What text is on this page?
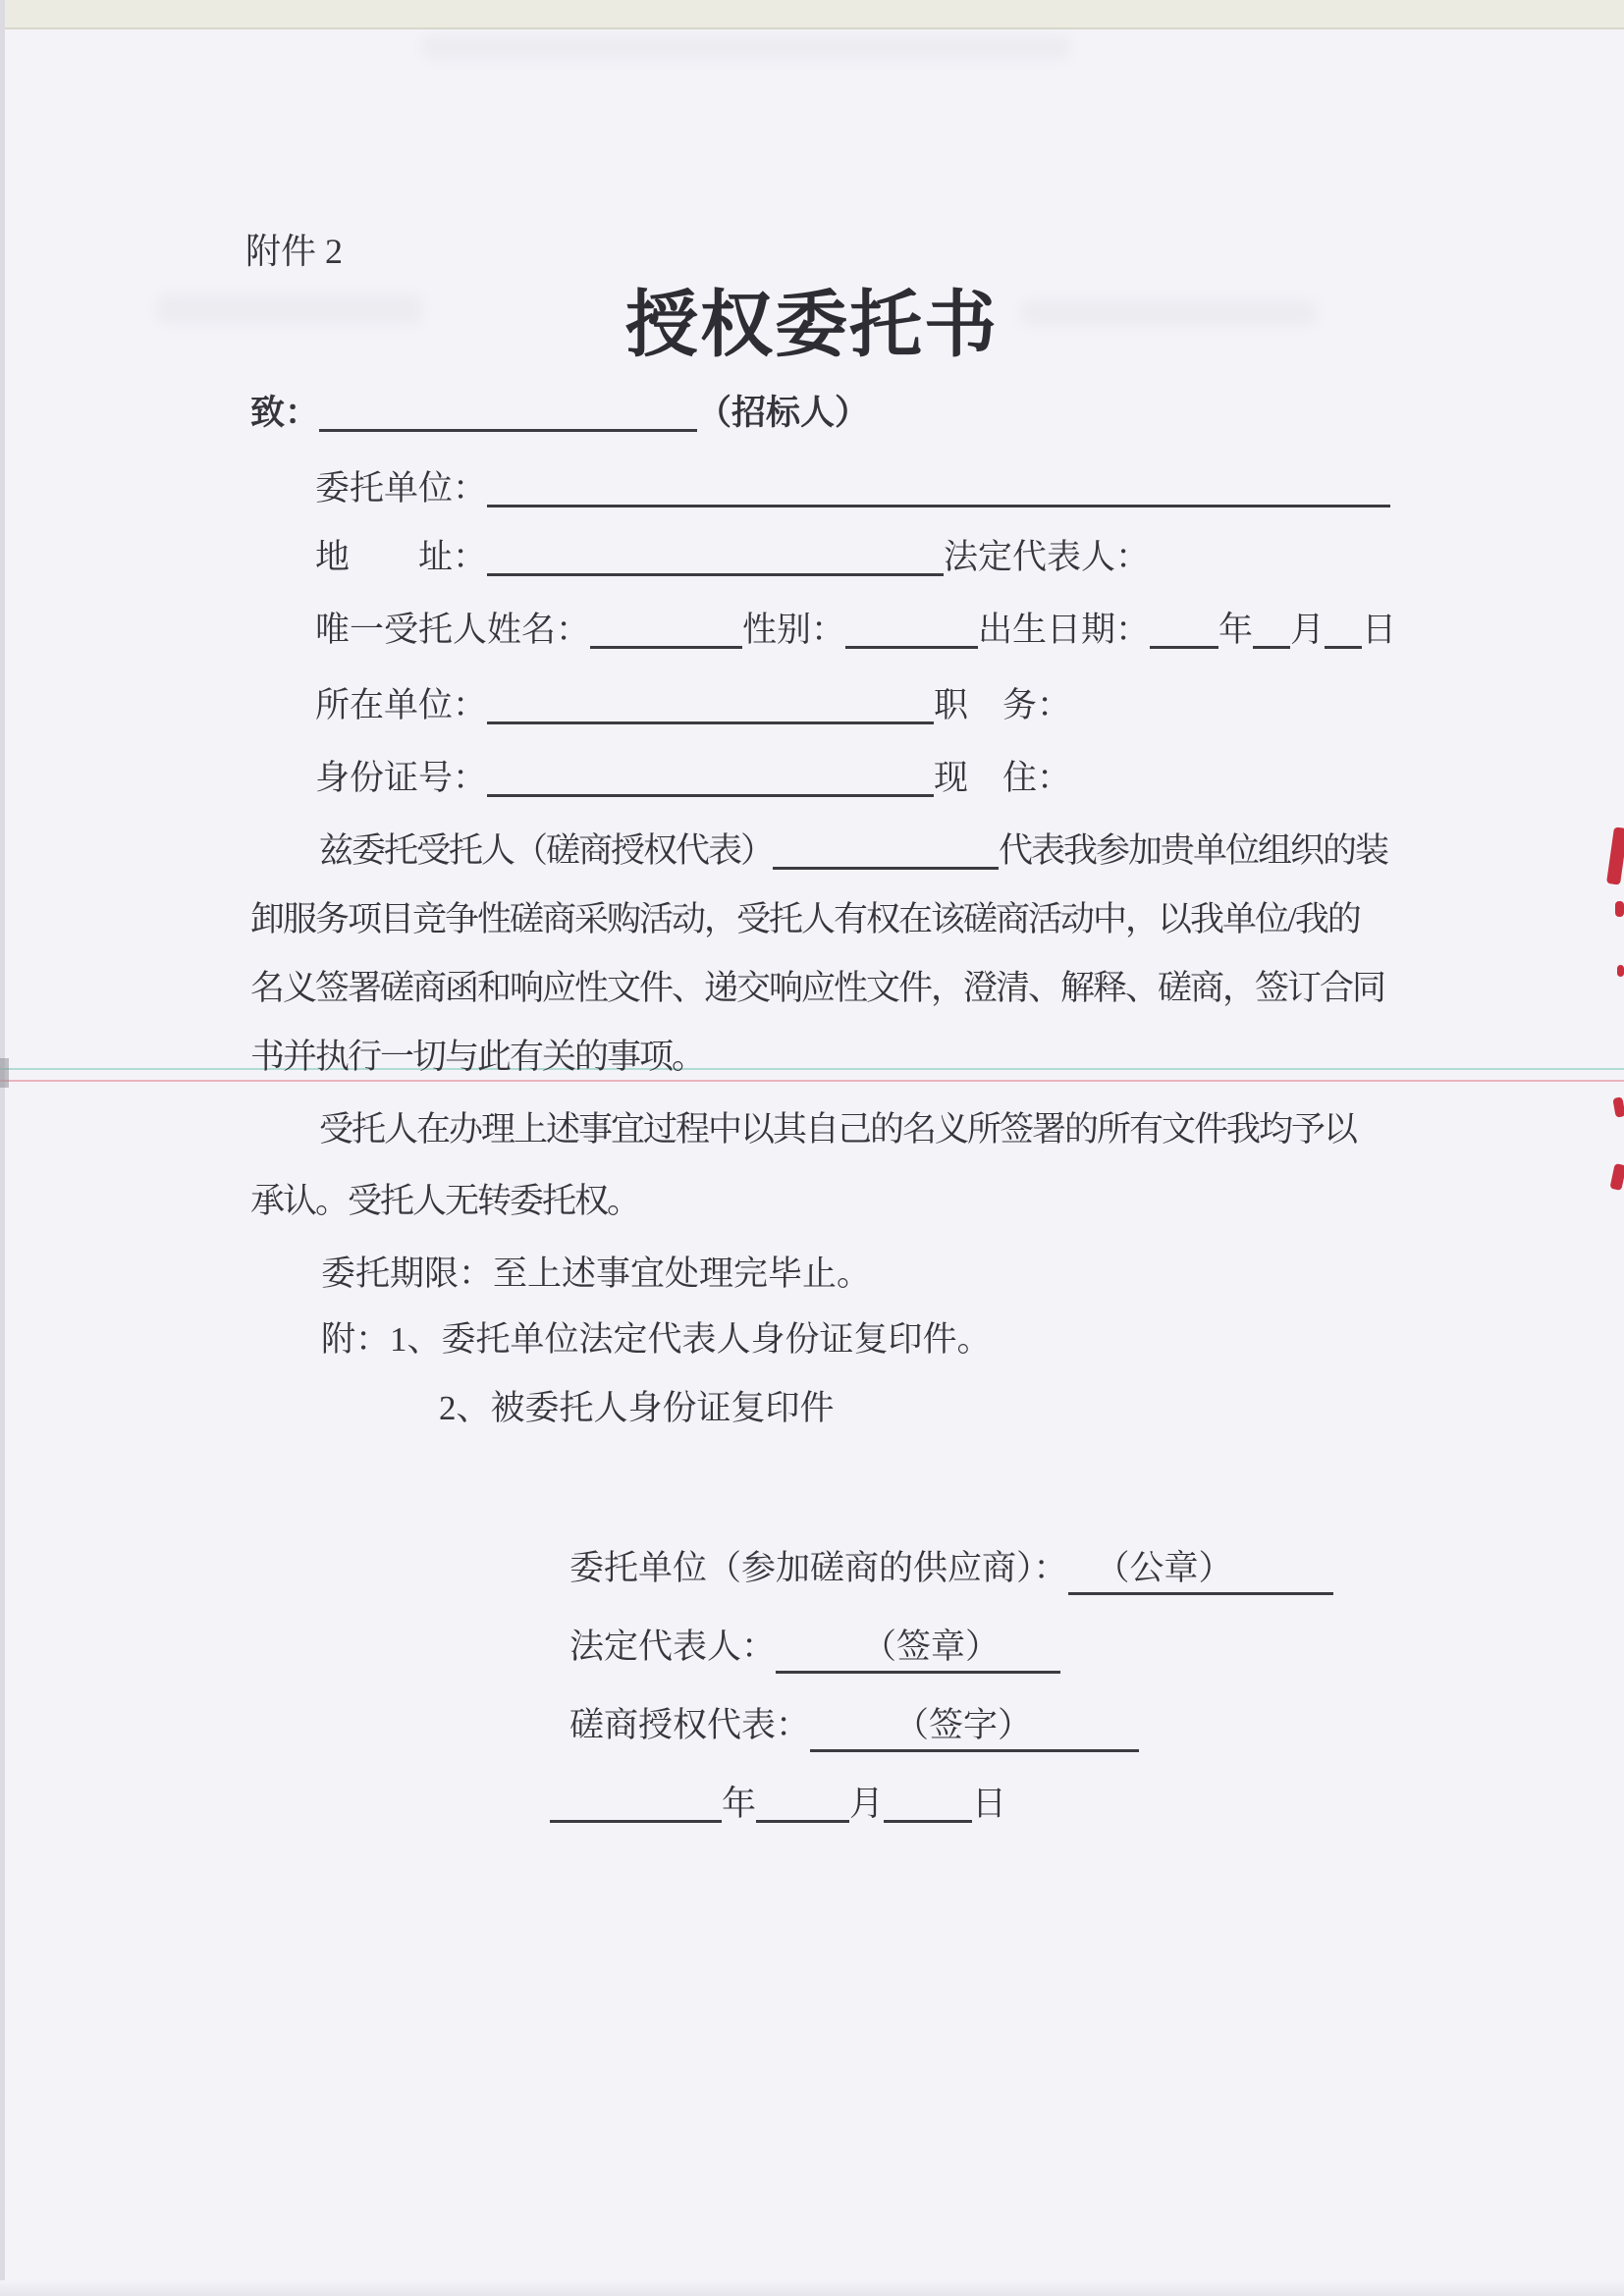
附件 2
授权委托书
致：	（招标人）
委托单位：
地　　址：	法定代表人：
唯一受托人姓名：	性别：	出生日期： 年 月 日
所在单位：	职　务：
身份证号：	现　住：
兹委托受托人（磋商授权代表）	代表我参加贵单位组织的装
卸服务项目竞争性磋商采购活动，受托人有权在该磋商活动中，以我单位/我的
名义签署磋商函和响应性文件、递交响应性文件，澄清、解释、磋商，签订合同
书并执行一切与此有关的事项。
受托人在办理上述事宜过程中以其自己的名义所签署的所有文件我均予以
承认。受托人无转委托权。
委托期限：至上述事宜处理完毕止。
附：1、委托单位法定代表人身份证复印件。
2、被委托人身份证复印件
委托单位（参加磋商的供应商）： （公章）
法定代表人：	（签章）
磋商授权代表： （签字）
年	月	日
